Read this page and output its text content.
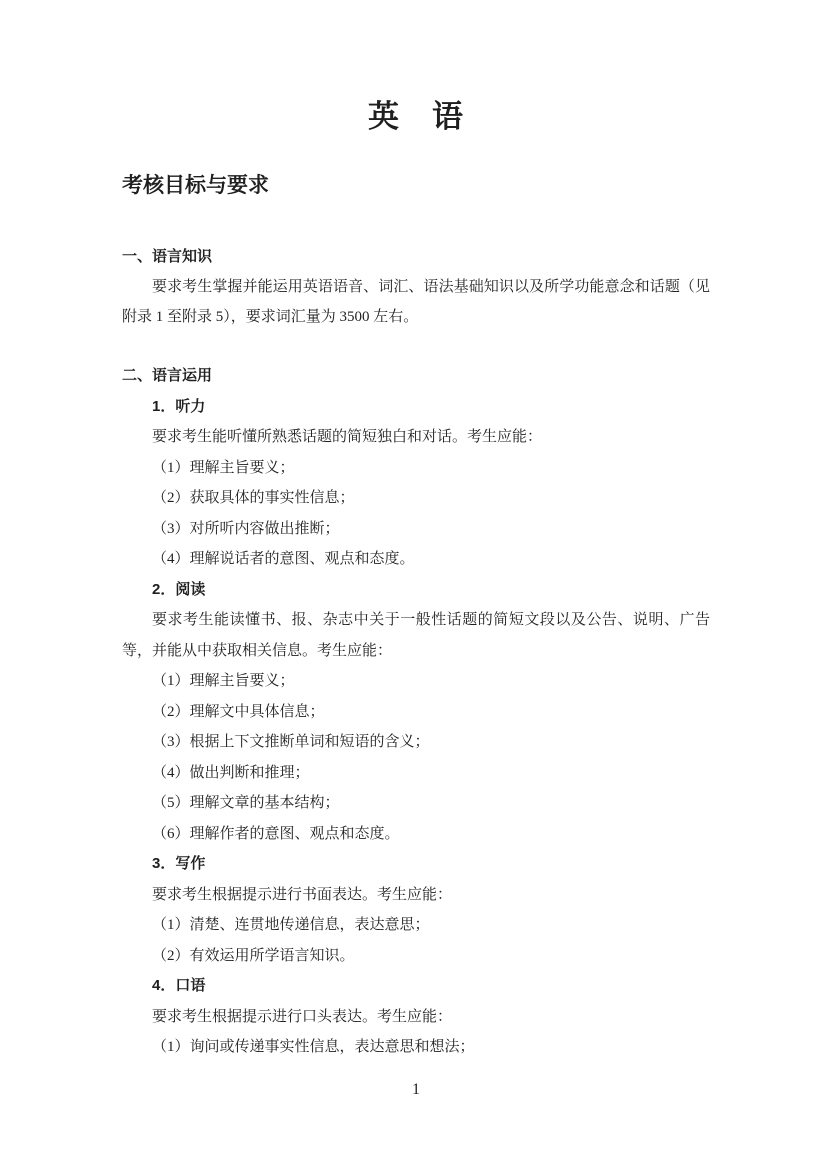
英　语
考核目标与要求
一、语言知识

要求考生掌握并能运用英语语音、词汇、语法基础知识以及所学功能意念和话题（见附录 1 至附录 5），要求词汇量为 3500 左右。

二、语言运用
1．听力

要求考生能听懂所熟悉话题的简短独白和对话。考生应能：

（1）理解主旨要义；

（2）获取具体的事实性信息；

（3）对所听内容做出推断；

（4）理解说话者的意图、观点和态度。

2．阅读

要求考生能读懂书、报、杂志中关于一般性话题的简短文段以及公告、说明、广告等，并能从中获取相关信息。考生应能：

（1）理解主旨要义；

（2）理解文中具体信息；

（3）根据上下文推断单词和短语的含义；

（4）做出判断和推理；

（5）理解文章的基本结构；

（6）理解作者的意图、观点和态度。

3．写作

要求考生根据提示进行书面表达。考生应能：

（1）清楚、连贯地传递信息，表达意思；

（2）有效运用所学语言知识。

4．口语

要求考生根据提示进行口头表达。考生应能：

（1）询问或传递事实性信息，表达意思和想法；

1
